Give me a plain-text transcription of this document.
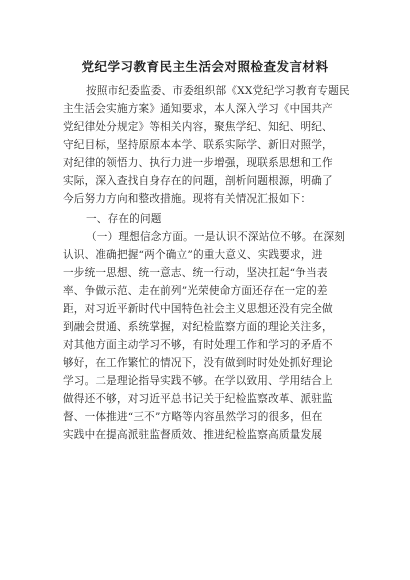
党纪学习教育民主生活会对照检查发言材料
按照市纪委监委、市委组织部《XX党纪学习教育专题民
主生活会实施方案》通知要求，本人深入学习《中国共产
党纪律处分规定》等相关内容，聚焦学纪、知纪、明纪、
守纪目标，坚持原原本本学、联系实际学、新旧对照学，
对纪律的领悟力、执行力进一步增强，现联系思想和工作
实际，深入查找自身存在的问题，剖析问题根源，明确了
今后努力方向和整改措施。现将有关情况汇报如下：
一、存在的问题
（一）理想信念方面。一是认识不深站位不够。在深刻
认识、准确把握“两个确立”的重大意义、实践要求，进
一步统一思想、统一意志、统一行动，坚决扛起“争当表
率、争做示范、走在前列”光荣使命方面还存在一定的差
距，对习近平新时代中国特色社会主义思想还没有完全做
到融会贯通、系统掌握，对纪检监察方面的理论关注多，
对其他方面主动学习不够，有时处理工作和学习的矛盾不
够好，在工作繁忙的情况下，没有做到时时处处抓好理论
学习。二是理论指导实践不够。在学以致用、学用结合上
做得还不够，对习近平总书记关于纪检监察改革、派驻监
督、一体推进“三不”方略等内容虽然学习的很多，但在
实践中在提高派驻监督质效、推进纪检监察高质量发展
